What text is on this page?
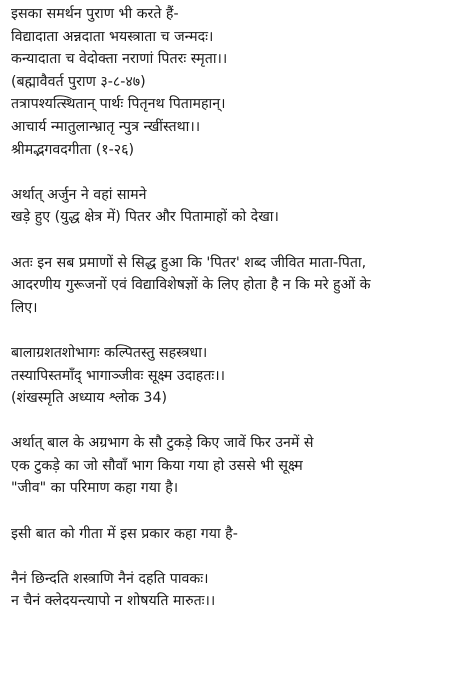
इसका समर्थन पुराण भी करते हैं-
विद्यादाता अन्नदाता भयस्त्राता च जन्मदः।
कन्यादाता च वेदोक्ता नराणां पितरः स्मृता।।
(बह्मावैवर्त पुराण ३-८-४७)
तत्रापश्यत्स्थितान् पार्थः पितृनथ पितामहान्।
आचार्य न्मातुलान्भ्रातृ न्पुत्र न्खींस्तथा।।
श्रीमद्भगवदगीता (१-२६)
अर्थात् अर्जुन ने वहां सामने
खड़े हुए (युद्ध क्षेत्र में) पितर और पितामाहों को देखा।
अतः इन सब प्रमाणों से सिद्ध हुआ कि 'पितर' शब्द जीवित माता-पिता,
आदरणीय गुरूजनों एवं विद्याविशेषज्ञों के लिए होता है न कि मरे हुओं के
लिए।
बालाग्रशतशोभागः कल्पितस्तु सहस्त्रधा।
तस्यापिस्तमाँद् भागाञ्जीवः सूक्ष्म उदाहतः।।
(शंखस्मृति अध्याय श्लोक 34)
अर्थात् बाल के अग्रभाग के सौ टुकड़े किए जावें फिर उनमें से
एक टुकड़े का जो सौवाँ भाग किया गया हो उससे भी सूक्ष्म
"जीव" का परिमाण कहा गया है।
इसी बात को गीता में इस प्रकार कहा गया है-
नैनं छिन्दति शस्त्राणि नैनं दहति पावकः।
न चैनं क्लेदयन्त्यापो न शोषयति मारुतः।।
